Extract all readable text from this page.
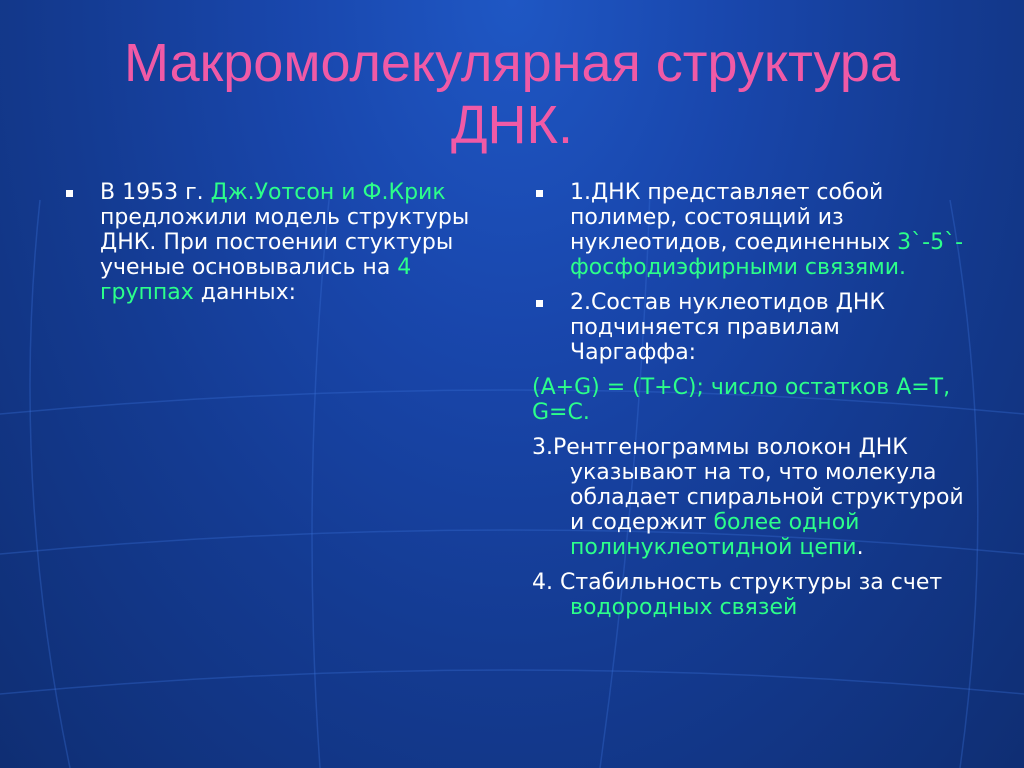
Макромолекулярная структура ДНК.
В 1953 г. Дж.Уотсон и Ф.Крик предложили модель структуры ДНК. При постоении стуктуры ученые основывались на 4 группах данных:
1.ДНК представляет собой полимер, состоящий из нуклеотидов, соединенных 3`-5`- фосфодиэфирными связями.
2.Состав нуклеотидов ДНК подчиняется правилам Чаргаффа:
(A+G) = (T+C); число остатков A=T, G=C.
3.Рентгенограммы волокон ДНК указывают на то, что молекула обладает спиральной структурой и содержит более одной полинуклеотидной цепи.
4. Стабильность структуры за счет водородных связей
